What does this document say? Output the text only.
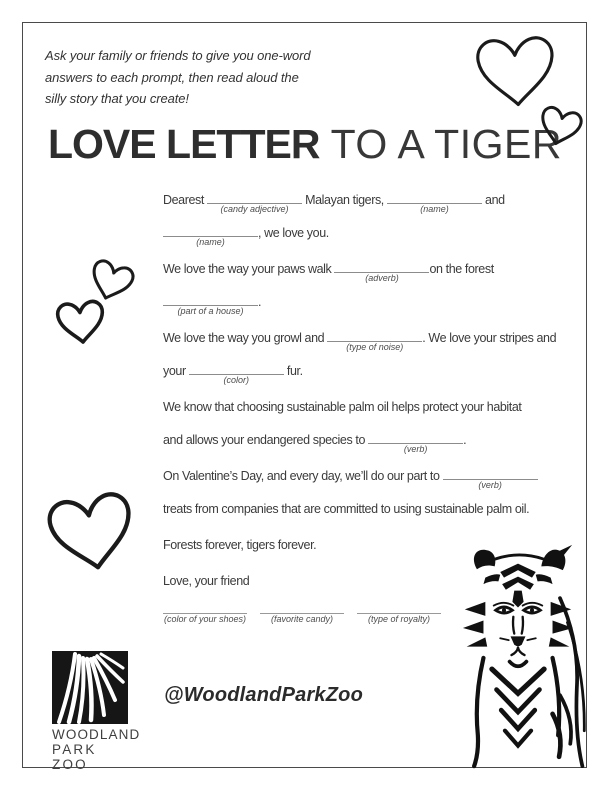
Ask your family or friends to give you one-word
answers to each prompt, then read aloud the
silly story that you create!
LOVE LETTER TO A TIGER

Dearest
(candy adjective)
Malayan tigers,
(name)
and

(name)
, we love you.

We love the way your paws walk
(adverb)
on the forest

(part of a house)
.

We love the way you growl and
(type of noise)
. We love your stripes and
your
(color)
fur.

We know that choosing sustainable palm oil helps protect your habitat
and allows your endangered species to
(verb)
.

On Valentine’s Day, and every day, we’ll do our part to
(verb)

treats from companies that are committed to using sustainable palm oil.

Forests forever, tigers forever.

Love, your friend

(color of your shoes)	(favorite candy)	(type of royalty)
WOODLAND
PARK ZOO
@WoodlandParkZoo
